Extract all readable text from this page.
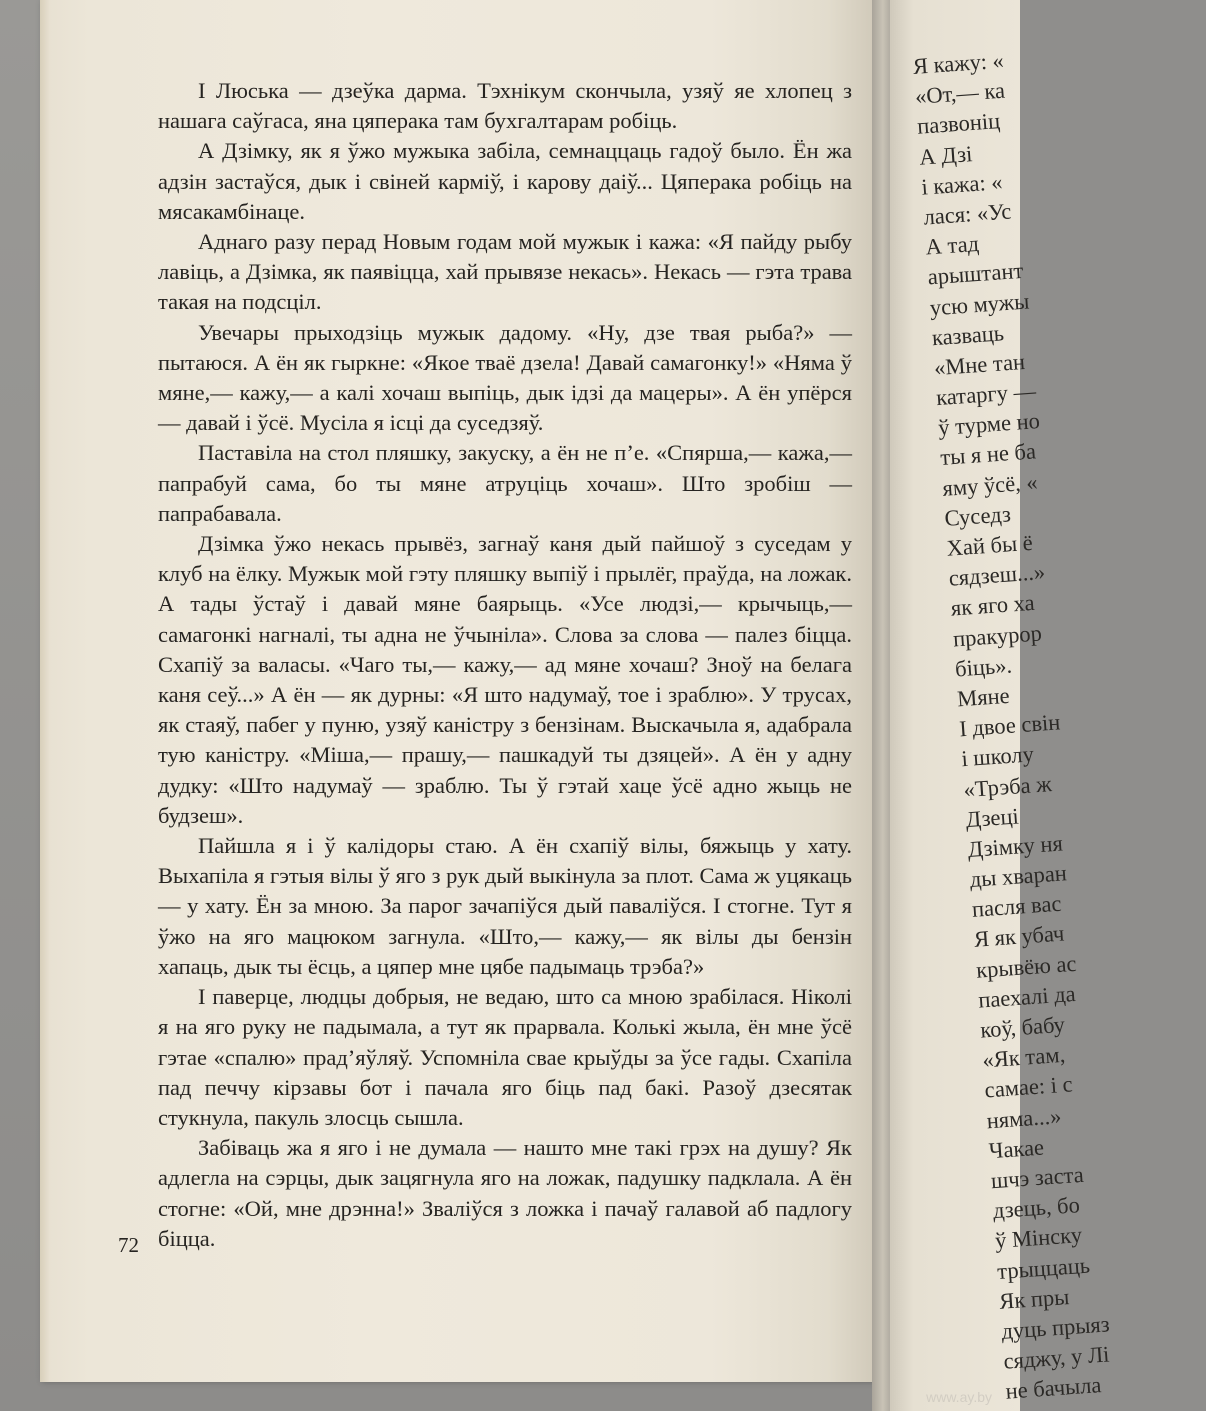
І Люська — дзеўка дарма. Тэхнікум скончыла, узяў яе хлопец з нашага саўгаса, яна цяперака там бухгалтарам робіць.

А Дзімку, як я ўжо мужыка забіла, семнаццаць гадоў было. Ён жа адзін застаўся, дык і свіней карміў, і карову даіў... Цяперака робіць на мясакамбінаце.

Аднаго разу перад Новым годам мой мужык і кажа: «Я пайду рыбу лавіць, а Дзімка, як паявіцца, хай прывязе некась». Некась — гэта трава такая на подсціл.

Увечары прыходзіць мужык дадому. «Ну, дзе твая рыба?» — пытаюся. А ён як гыркне: «Якое тваё дзела! Давай самагонку!» «Няма ў мяне,— кажу,— а калі хочаш выпіць, дык ідзі да мацеры». А ён упёрся — давай і ўсё. Мусіла я ісці да суседзяў.

Паставіла на стол пляшку, закуску, а ён не п’е. «Спярша,— кажа,— папрабуй сама, бо ты мяне атруціць хочаш». Што зробіш — папрабавала.

Дзімка ўжо некась прывёз, загнаў каня дый пайшоў з суседам у клуб на ёлку. Мужык мой гэту пляшку выпіў і прылёг, праўда, на ложак. А тады ўстаў і давай мяне баярыць. «Усе людзі,— крычыць,— самагонкі нагналі, ты адна не ўчыніла». Слова за слова — палез біцца. Схапіў за валасы. «Чаго ты,— кажу,— ад мяне хочаш? Зноў на белага каня сеў...» А ён — як дурны: «Я што надумаў, тое і зраблю». У трусах, як стаяў, пабег у пуню, узяў каністру з бензінам. Выскачыла я, адабрала тую каністру. «Міша,— прашу,— пашкадуй ты дзяцей». А ён у адну дудку: «Што надумаў — зраблю. Ты ў гэтай хаце ўсё адно жыць не будзеш».

Пайшла я і ў калідоры стаю. А ён схапіў вілы, бяжыць у хату. Выхапіла я гэтыя вілы ў яго з рук дый выкінула за плот. Сама ж уцякаць — у хату. Ён за мною. За парог зачапіўся дый паваліўся. І стогне. Тут я ўжо на яго мацюком загнула. «Што,— кажу,— як вілы ды бензін хапаць, дык ты ёсць, а цяпер мне цябе падымаць трэба?»

І паверце, людцы добрыя, не ведаю, што са мною зрабілася. Ніколі я на яго руку не падымала, а тут як прарвала. Колькі жыла, ён мне ўсё гэтае «спалю» прад’яўляў. Успомніла свае крыўды за ўсе гады. Схапіла пад печчу кірзавы бот і пачала яго біць пад бакі. Разоў дзесятак стукнула, пакуль злосць сышла.

Забіваць жа я яго і не думала — нашто мне такі грэх на душу? Як адлегла на сэрцы, дык зацягнула яго на ложак, падушку падклала. А ён стогне: «Ой, мне дрэнна!» Зваліўся з ложка і пачаў галавой аб падлогу біцца.

72
Я кажу: «
«От,— ка
пазвоніц
А Дзі
і кажа: «
лася: «Ус
А тад
арыштант
усю мужы
казваць
«Мне тан
катаргу —
ў турме но
ты я не ба
яму ўсё, «
Суседз
Хай бы ё
сядзеш...»
як яго ха
пракурор
біць».
Мяне
І двое свін
і школу
«Трэба ж
Дзеці
Дзімку ня
ды хваран
пасля вас
Я як убач
крывёю ас
паехалі да
коў, бабу
«Як там,
самае: і с
няма...»
Чакае
шчэ заста
дзець, бо
ў Мінску
трыццаць
Як пры
дуць прыяз
сяджу, у Лі
не бачыла
www.ay.by
